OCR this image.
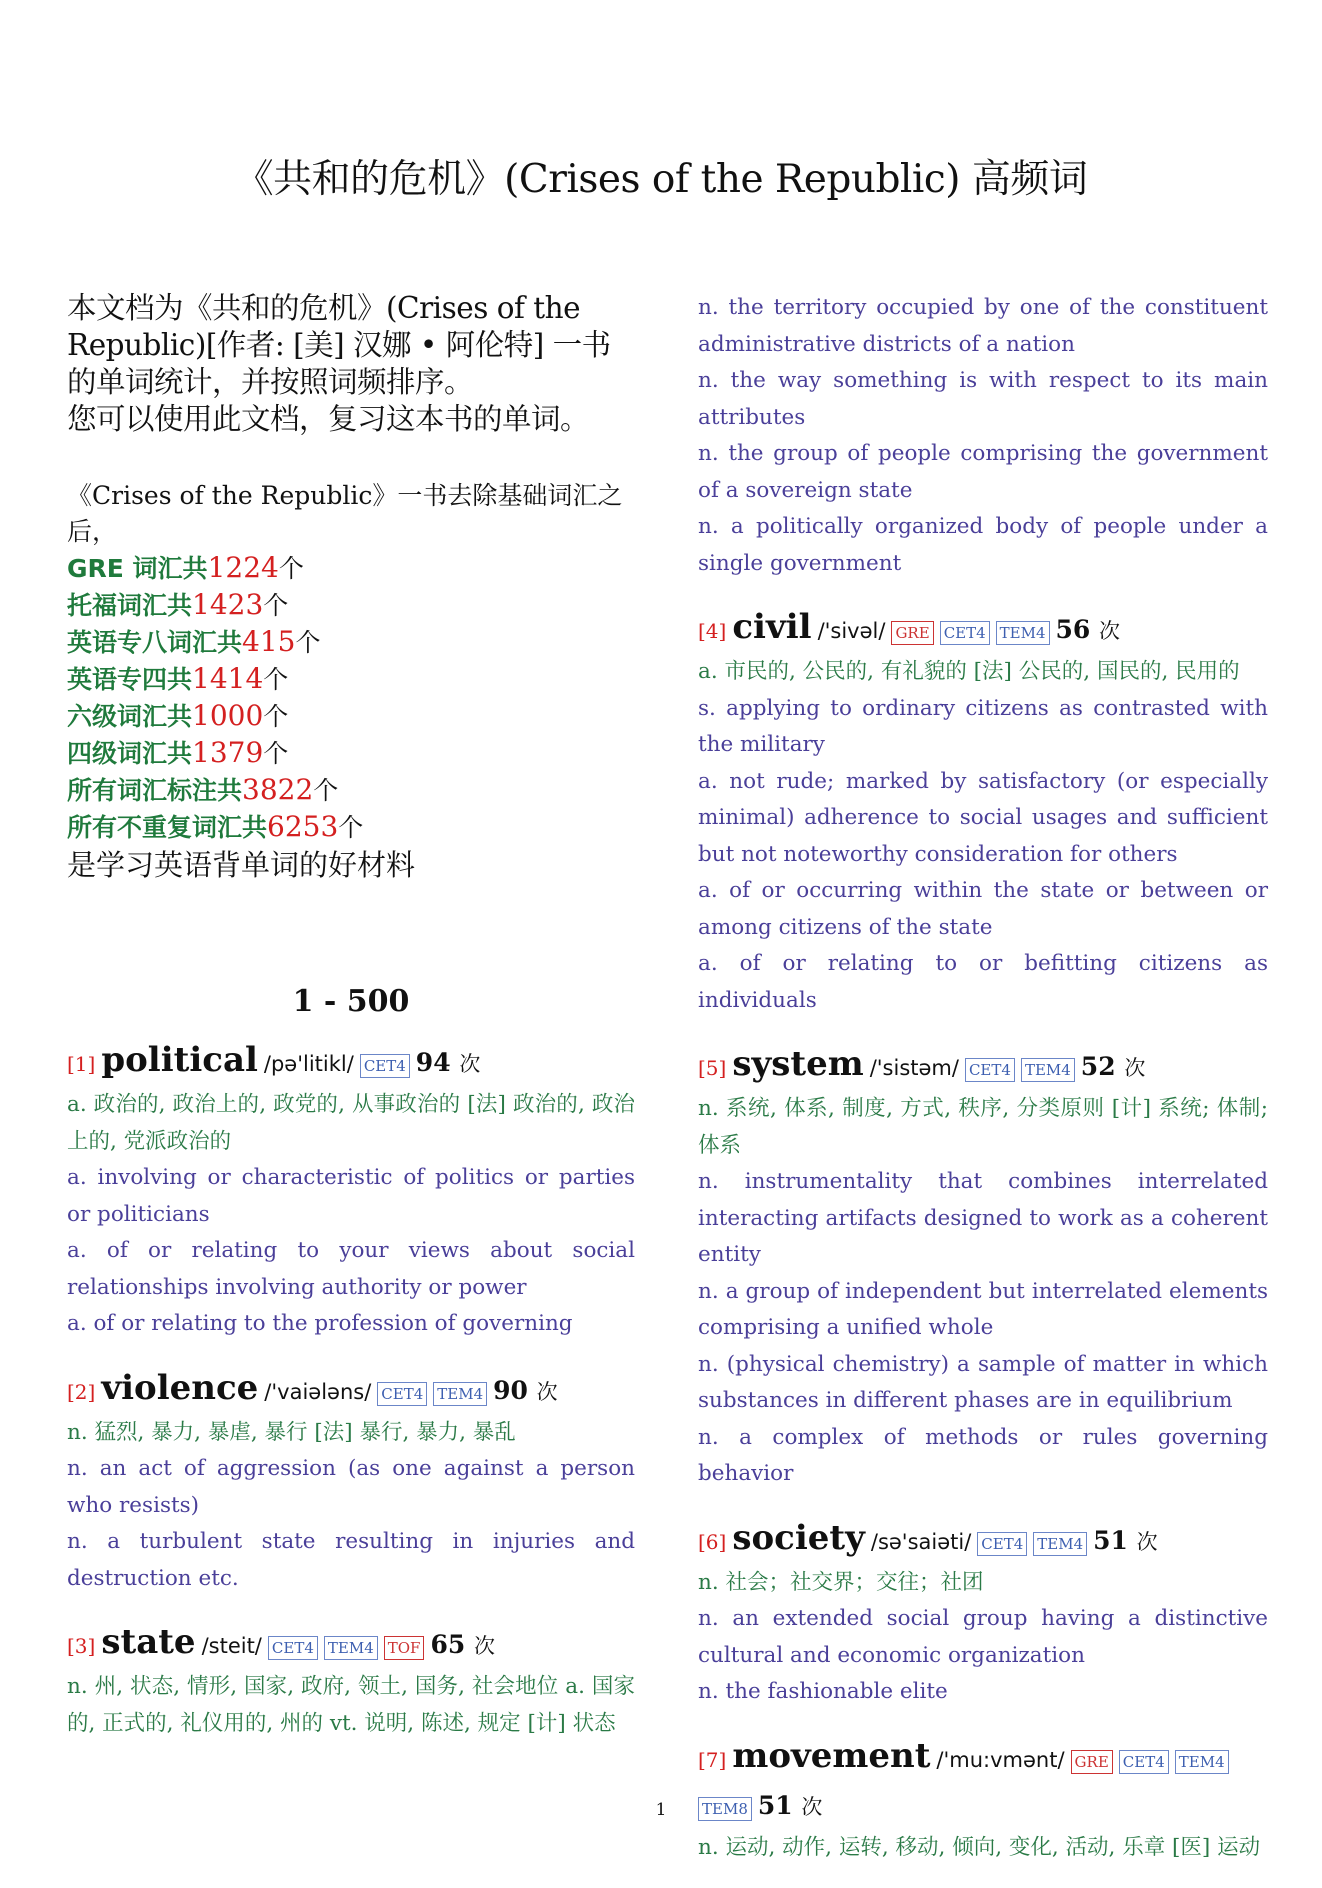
《共和的危机》(Crises of the Republic) 高频词
本文档为《共和的危机》(Crises of the Republic)[作者: [美] 汉娜 • 阿伦特] 一书的单词统计，并按照词频排序。
您可以使用此文档，复习这本书的单词。
《Crises of the Republic》一书去除基础词汇之后，
GRE 词汇共1224个
托福词汇共1423个
英语专八词汇共415个
英语专四共1414个
六级词汇共1000个
四级词汇共1379个
所有词汇标注共3822个
所有不重复词汇共6253个
是学习英语背单词的好材料
1 - 500
[1] political /pə'litikl/ CET4 94 次
a. 政治的, 政治上的, 政党的, 从事政治的 [法] 政治的, 政治上的, 党派政治的
a. involving or characteristic of politics or parties or politicians
a. of or relating to your views about social relationships involving authority or power
a. of or relating to the profession of governing
[2] violence /'vaiələns/ CET4 TEM4 90 次
n. 猛烈, 暴力, 暴虐, 暴行 [法] 暴行, 暴力, 暴乱
n. an act of aggression (as one against a person who resists)
n. a turbulent state resulting in injuries and destruction etc.
[3] state /steit/ CET4 TEM4 TOF 65 次
n. 州, 状态, 情形, 国家, 政府, 领土, 国务, 社会地位 a. 国家的, 正式的, 礼仪用的, 州的 vt. 说明, 陈述, 规定 [计] 状态
n. the territory occupied by one of the constituent administrative districts of a nation
n. the way something is with respect to its main attributes
n. the group of people comprising the government of a sovereign state
n. a politically organized body of people under a single government
[4] civil /'sivəl/ GRE CET4 TEM4 56 次
a. 市民的, 公民的, 有礼貌的 [法] 公民的, 国民的, 民用的
s. applying to ordinary citizens as contrasted with the military
a. not rude; marked by satisfactory (or especially minimal) adherence to social usages and sufficient but not noteworthy consideration for others
a. of or occurring within the state or between or among citizens of the state
a. of or relating to or befitting citizens as individuals
[5] system /'sistəm/ CET4 TEM4 52 次
n. 系统, 体系, 制度, 方式, 秩序, 分类原则 [计] 系统; 体制; 体系
n. instrumentality that combines interrelated interacting artifacts designed to work as a coherent entity
n. a group of independent but interrelated elements comprising a unified whole
n. (physical chemistry) a sample of matter in which substances in different phases are in equilibrium
n. a complex of methods or rules governing behavior
[6] society /sə'saiəti/ CET4 TEM4 51 次
n. 社会；社交界；交往；社团
n. an extended social group having a distinctive cultural and economic organization
n. the fashionable elite
[7] movement /'mu:vmənt/ GRE CET4 TEM4
TEM8 51 次
n. 运动, 动作, 运转, 移动, 倾向, 变化, 活动, 乐章 [医] 运动
1
